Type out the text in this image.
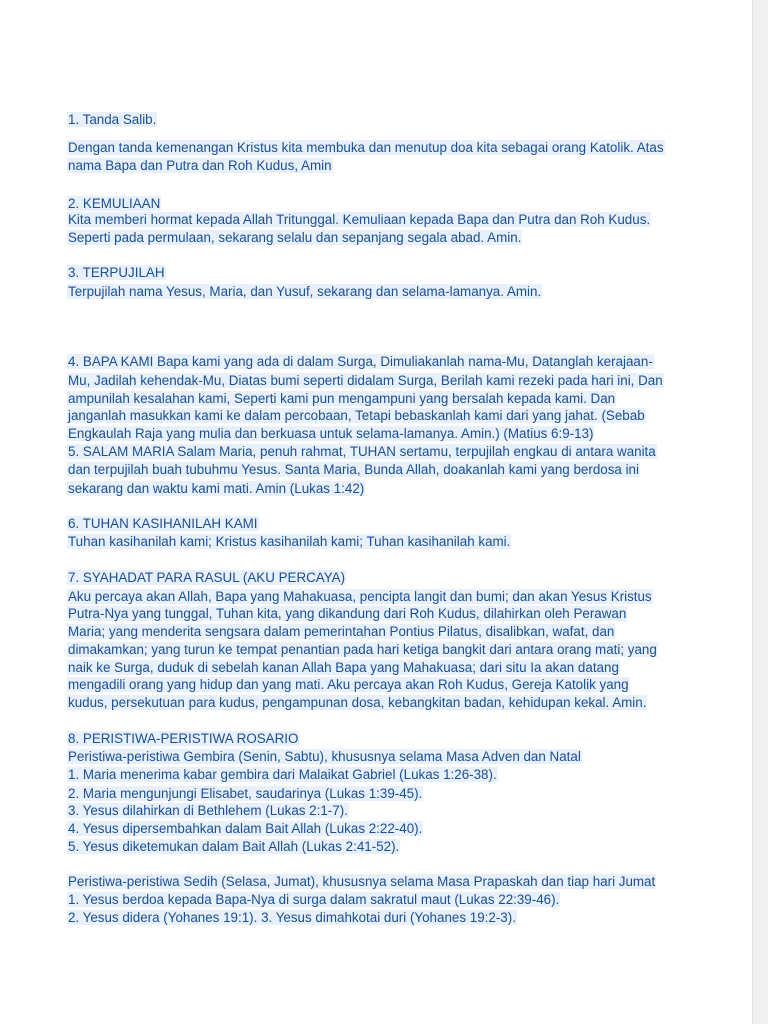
1. Tanda Salib.

Dengan tanda kemenangan Kristus kita membuka dan menutup doa kita sebagai orang Katolik. Atas

nama Bapa dan Putra dan Roh Kudus, Amin

2. KEMULIAAN

Kita memberi hormat kepada Allah Tritunggal. Kemuliaan kepada Bapa dan Putra dan Roh Kudus.

Seperti pada permulaan, sekarang selalu dan sepanjang segala abad. Amin.

3. TERPUJILAH

Terpujilah nama Yesus, Maria, dan Yusuf, sekarang dan selama-lamanya. Amin.

4. BAPA KAMI Bapa kami yang ada di dalam Surga, Dimuliakanlah nama-Mu, Datanglah kerajaan-

Mu, Jadilah kehendak-Mu, Diatas bumi seperti didalam Surga, Berilah kami rezeki pada hari ini, Dan

ampunilah kesalahan kami, Seperti kami pun mengampuni yang bersalah kepada kami. Dan

janganlah masukkan kami ke dalam percobaan, Tetapi bebaskanlah kami dari yang jahat. (Sebab

Engkaulah Raja yang mulia dan berkuasa untuk selama-lamanya. Amin.) (Matius 6:9-13)

5. SALAM MARIA Salam Maria, penuh rahmat, TUHAN sertamu, terpujilah engkau di antara wanita

dan terpujilah buah tubuhmu Yesus. Santa Maria, Bunda Allah, doakanlah kami yang berdosa ini

sekarang dan waktu kami mati. Amin (Lukas 1:42)

6. TUHAN KASIHANILAH KAMI

Tuhan kasihanilah kami; Kristus kasihanilah kami; Tuhan kasihanilah kami.

7. SYAHADAT PARA RASUL (AKU PERCAYA)

Aku percaya akan Allah, Bapa yang Mahakuasa, pencipta langit dan bumi; dan akan Yesus Kristus

Putra-Nya yang tunggal, Tuhan kita, yang dikandung dari Roh Kudus, dilahirkan oleh Perawan

Maria; yang menderita sengsara dalam pemerintahan Pontius Pilatus, disalibkan, wafat, dan

dimakamkan; yang turun ke tempat penantian pada hari ketiga bangkit dari antara orang mati; yang

naik ke Surga, duduk di sebelah kanan Allah Bapa yang Mahakuasa; dari situ Ia akan datang

mengadili orang yang hidup dan yang mati. Aku percaya akan Roh Kudus, Gereja Katolik yang

kudus, persekutuan para kudus, pengampunan dosa, kebangkitan badan, kehidupan kekal. Amin.

8. PERISTIWA-PERISTIWA ROSARIO

Peristiwa-peristiwa Gembira (Senin, Sabtu), khususnya selama Masa Adven dan Natal

1. Maria menerima kabar gembira dari Malaikat Gabriel (Lukas 1:26-38).

2. Maria mengunjungi Elisabet, saudarinya (Lukas 1:39-45).

3. Yesus dilahirkan di Bethlehem (Lukas 2:1-7).

4. Yesus dipersembahkan dalam Bait Allah (Lukas 2:22-40).

5. Yesus diketemukan dalam Bait Allah (Lukas 2:41-52).

Peristiwa-peristiwa Sedih (Selasa, Jumat), khususnya selama Masa Prapaskah dan tiap hari Jumat

1. Yesus berdoa kepada Bapa-Nya di surga dalam sakratul maut (Lukas 22:39-46).

2. Yesus didera (Yohanes 19:1). 3. Yesus dimahkotai duri (Yohanes 19:2-3).
